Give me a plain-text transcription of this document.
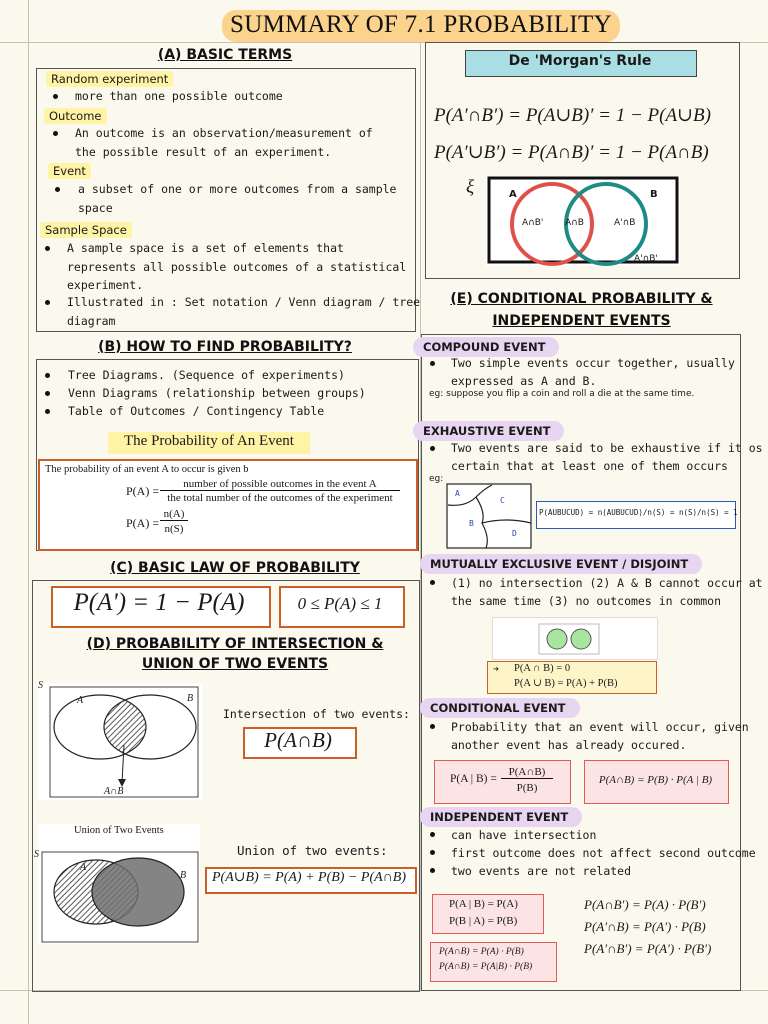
SUMMARY OF 7.1 PROBABILITY
(A) BASIC TERMS
Random experiment
more than one possible outcome
Outcome
An outcome is an observation/measurement of
the possible result of an experiment.
Event
a subset of one or more outcomes from a sample
space
Sample Space
A sample space is a set of elements that
represents all possible outcomes of a statistical
experiment.
Illustrated in : Set notation / Venn diagram / tree
diagram
(B) HOW TO FIND PROBABILITY?
Tree Diagrams. (Sequence of experiments)
Venn Diagrams (relationship between groups)
Table of Outcomes / Contingency Table
The Probability of An Event
The probability of an event A to occur is given b
P(A) =	number of possible outcomes in the event A
the total number of the outcomes of the experiment
P(A) =
n(A)
n(S)
(C) BASIC LAW OF PROBABILITY
P(A') = 1 − P(A)	0 ≤ P(A) ≤ 1
(D) PROBABILITY OF INTERSECTION &
UNION OF TWO EVENTS
S
A	B
A∩B
Intersection of two events:
P(A∩B)
Union of Two Events
S
A
B
Union of two events:
P(A∪B) = P(A) + P(B) − P(A∩B)
De 'Morgan's Rule
P(A′∩B′) = P(A∪B)′ = 1 − P(A∪B)
P(A′∪B′) = P(A∩B)′ = 1 − P(A∩B)
ξ	A	B
A∩B' A∩B	A'∩B
A'∩B'
(E) CONDITIONAL PROBABILITY &
INDEPENDENT EVENTS
COMPOUND EVENT
Two simple events occur together, usually
expressed as A and B.
eg: suppose you flip a coin and roll a die at the same time.
EXHAUSTIVE EVENT
Two events are said to be exhaustive if it os
certain that at least one of them occurs
eg:
A
C
B
D
P(AUBUCUD) = n(AUBUCUD)/n(S) = n(S)/n(S) = 1
MUTUALLY EXCLUSIVE EVENT / DISJOINT
(1) no intersection (2) A & B cannot occur at
the same time (3) no outcomes in common
➔ P(A ∩ B) = 0
P(A ∪ B) = P(A) + P(B)
CONDITIONAL EVENT
Probability that an event will occur, given
another event has already occured.
P(A | B) =
P(A∩B)
P(B)
P(A∩B) = P(B) · P(A | B)
INDEPENDENT EVENT
can have intersection
first outcome does not affect second outcome
two events are not related
P(A | B) = P(A)
P(B | A) = P(B)
P(A∩B) = P(A) · P(B)
P(A∩B) = P(A|B) · P(B)
P(A∩B′) = P(A) · P(B′)
P(A′∩B) = P(A′) · P(B)
P(A′∩B′) = P(A′) · P(B′)
